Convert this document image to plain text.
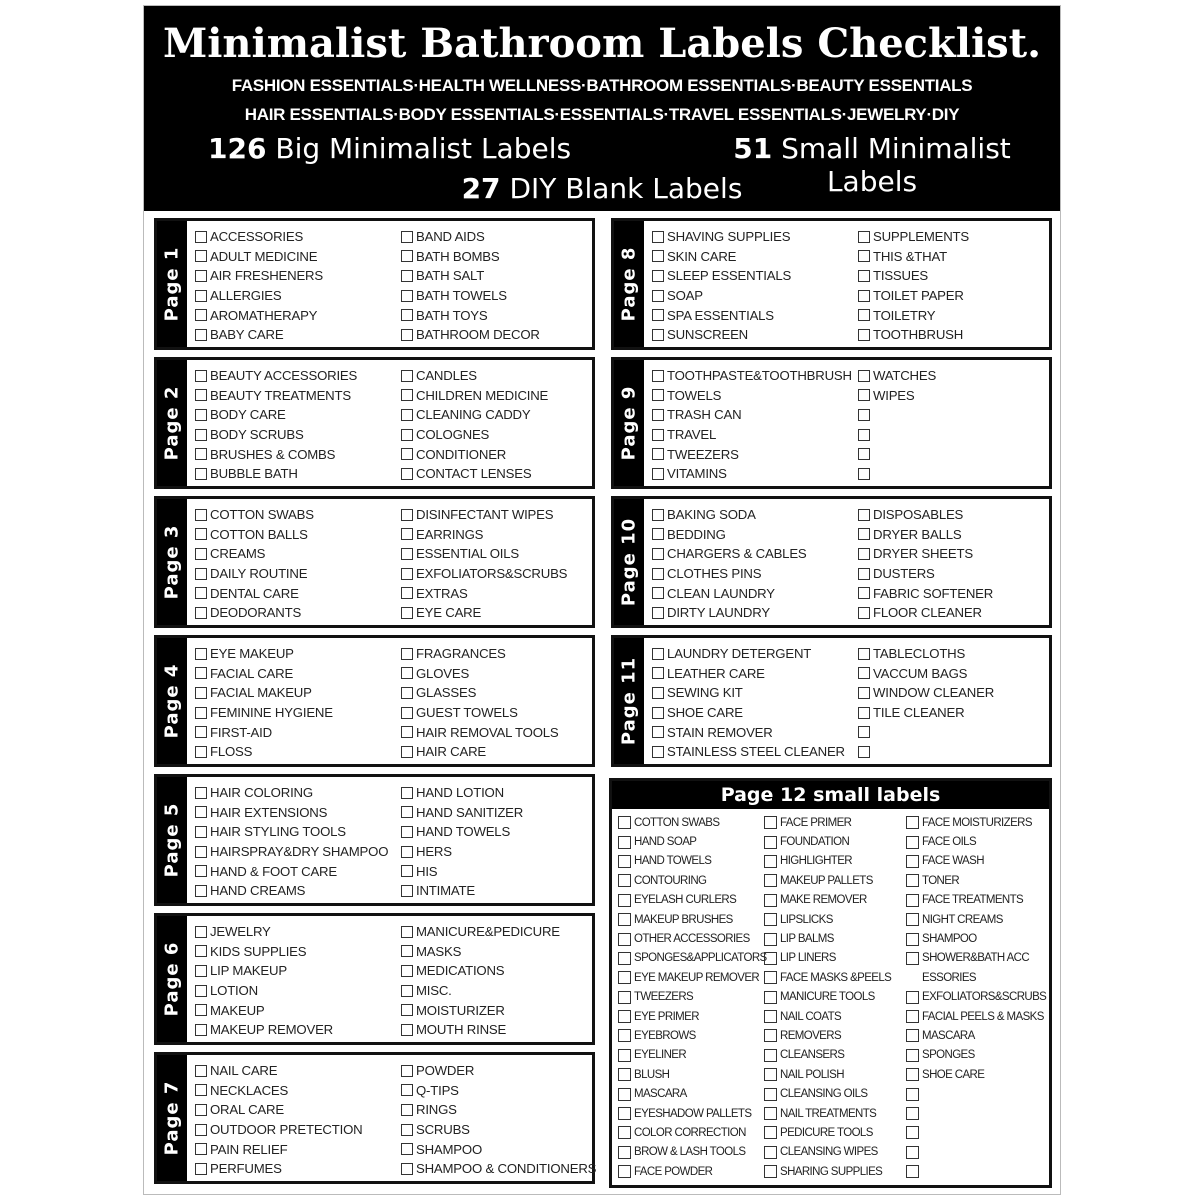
Minimalist Bathroom Labels Checklist.
FASHION ESSENTIALS·HEALTH WELLNESS·BATHROOM ESSENTIALS·BEAUTY ESSENTIALS
HAIR ESSENTIALS·BODY ESSENTIALS·ESSENTIALS·TRAVEL ESSENTIALS·JEWELRY·DIY
126 Big Minimalist Labels	51 Small Minimalist Labels
27 DIY Blank Labels
Page 1
ACCESSORIES
ADULT MEDICINE
AIR FRESHENERS
ALLERGIES
AROMATHERAPY
BABY CARE
BAND AIDS
BATH BOMBS
BATH SALT
BATH TOWELS
BATH TOYS
BATHROOM DECOR
Page 2
BEAUTY ACCESSORIES
BEAUTY TREATMENTS
BODY CARE
BODY SCRUBS
BRUSHES & COMBS
BUBBLE BATH
CANDLES
CHILDREN MEDICINE
CLEANING CADDY
COLOGNES
CONDITIONER
CONTACT LENSES
Page 3
COTTON SWABS
COTTON BALLS
CREAMS
DAILY ROUTINE
DENTAL CARE
DEODORANTS
DISINFECTANT WIPES
EARRINGS
ESSENTIAL OILS
EXFOLIATORS&SCRUBS
EXTRAS
EYE CARE
Page 4
EYE MAKEUP
FACIAL CARE
FACIAL MAKEUP
FEMININE HYGIENE
FIRST-AID
FLOSS
FRAGRANCES
GLOVES
GLASSES
GUEST TOWELS
HAIR REMOVAL TOOLS
HAIR CARE
Page 5
HAIR COLORING
HAIR EXTENSIONS
HAIR STYLING TOOLS
HAIRSPRAY&DRY SHAMPOO
HAND & FOOT CARE
HAND CREAMS
HAND LOTION
HAND SANITIZER
HAND TOWELS
HERS
HIS
INTIMATE
Page 6
JEWELRY
KIDS SUPPLIES
LIP MAKEUP
LOTION
MAKEUP
MAKEUP REMOVER
MANICURE&PEDICURE
MASKS
MEDICATIONS
MISC.
MOISTURIZER
MOUTH RINSE
Page 7
NAIL CARE
NECKLACES
ORAL CARE
OUTDOOR PRETECTION
PAIN RELIEF
PERFUMES
POWDER
Q-TIPS
RINGS
SCRUBS
SHAMPOO
SHAMPOO & CONDITIONERS
Page 8
SHAVING SUPPLIES
SKIN CARE
SLEEP ESSENTIALS
SOAP
SPA ESSENTIALS
SUNSCREEN
SUPPLEMENTS
THIS &THAT
TISSUES
TOILET PAPER
TOILETRY
TOOTHBRUSH
Page 9
TOOTHPASTE&TOOTHBRUSH
TOWELS
TRASH CAN
TRAVEL
TWEEZERS
VITAMINS
WATCHES
WIPES
Page 10
BAKING SODA
BEDDING
CHARGERS & CABLES
CLOTHES PINS
CLEAN LAUNDRY
DIRTY LAUNDRY
DISPOSABLES
DRYER BALLS
DRYER SHEETS
DUSTERS
FABRIC SOFTENER
FLOOR CLEANER
Page 11
LAUNDRY DETERGENT
LEATHER CARE
SEWING KIT
SHOE CARE
STAIN REMOVER
STAINLESS STEEL CLEANER
TABLECLOTHS
VACCUM BAGS
WINDOW CLEANER
TILE CLEANER
Page 12 small labels
COTTON SWABS
HAND SOAP
HAND TOWELS
CONTOURING
EYELASH CURLERS
MAKEUP BRUSHES
OTHER ACCESSORIES
SPONGES&APPLICATORS
EYE MAKEUP REMOVER
TWEEZERS
EYE PRIMER
EYEBROWS
EYELINER
BLUSH
MASCARA
EYESHADOW PALLETS
COLOR CORRECTION
BROW & LASH TOOLS
FACE POWDER
FACE PRIMER
FOUNDATION
HIGHLIGHTER
MAKEUP PALLETS
MAKE REMOVER
LIPSLICKS
LIP BALMS
LIP LINERS
FACE MASKS &PEELS
MANICURE TOOLS
NAIL COATS
REMOVERS
CLEANSERS
NAIL POLISH
CLEANSING OILS
NAIL TREATMENTS
PEDICURE TOOLS
CLEANSING WIPES
SHARING SUPPLIES
FACE MOISTURIZERS
FACE OILS
FACE WASH
TONER
FACE TREATMENTS
NIGHT CREAMS
SHAMPOO
SHOWER&BATH ACC
ESSORIES
EXFOLIATORS&SCRUBS
FACIAL PEELS & MASKS
MASCARA
SPONGES
SHOE CARE
